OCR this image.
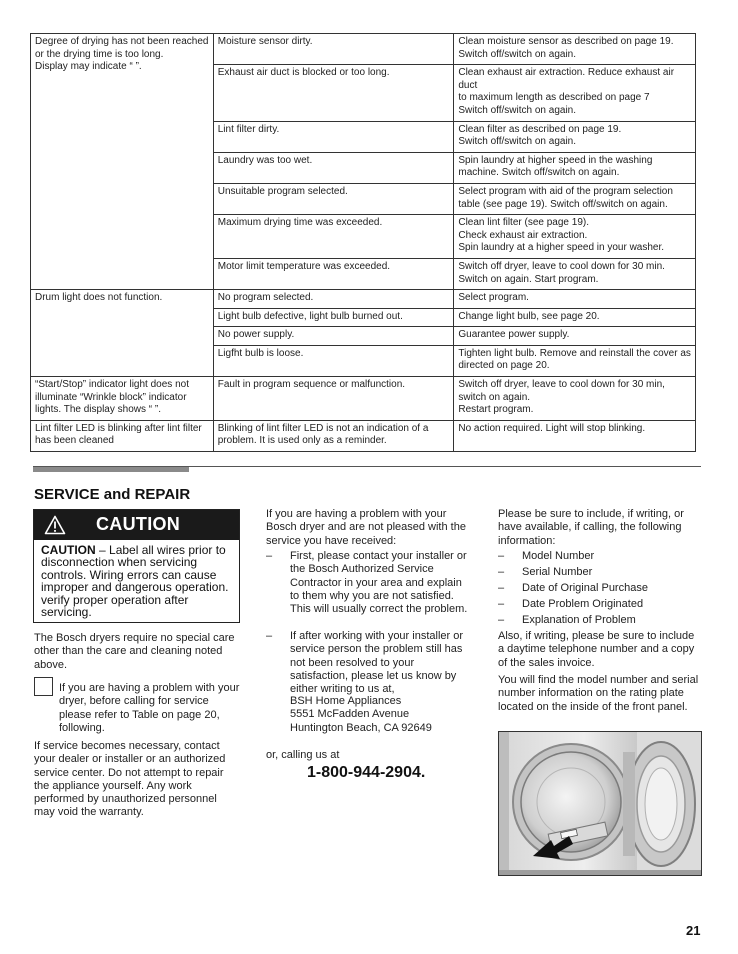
Degree of drying has not been reached
or the drying time is too long.
Display may indicate “ ”.	Moisture sensor dirty.	Clean moisture sensor as described on page 19.
Switch off/switch on again.

	Exhaust air duct is blocked or too long.	Clean exhaust air extraction. Reduce exhaust air duct
to maximum length as described on page 7
Switch off/switch on again.

	Lint filter dirty.	Clean filter as described on page 19.
Switch off/switch on again.

	Laundry was too wet.	Spin laundry at higher speed in the washing
machine. Switch off/switch on again.

	Unsuitable program selected.	Select program with aid of the program selection
table (see page 19). Switch off/switch on again.

	Maximum drying time was exceeded.	Clean lint filter (see page 19).
Check exhaust air extraction.
Spin laundry at a higher speed in your washer.

	Motor limit temperature was exceeded.	Switch off dryer, leave to cool down for 30 min.
Switch on again. Start program.

Drum light does not function.	No program selected.	Select program.

	Light bulb defective, light bulb burned out.	Change light bulb, see page 20.

	No power supply.	Guarantee power supply.

	Ligfht bulb is loose.	Tighten light bulb. Remove and reinstall the cover as
directed on page 20.

“Start/Stop” indicator light does not
illuminate “Wrinkle block” indicator
lights. The display shows “ ”.	Fault in program sequence or malfunction.	Switch off dryer, leave to cool down for 30 min,
switch on again.
Restart program.

Lint filter LED is blinking after lint filter
has been cleaned	Blinking of lint filter LED is not an indication of a
problem. It is used only as a reminder.	No action required. Light will stop blinking.
SERVICE and REPAIR
CAUTION
CAUTION – Label all wires prior to disconnection when servicing controls. Wiring errors can cause improper and dangerous operation. verify proper operation after servicing.
The Bosch dryers require no special care other than the care and cleaning noted above.
If you are having a problem with your dryer, before calling for service please refer to Table on page 20, following.
If service becomes necessary, contact your dealer or installer or an authorized service center. Do not attempt to repair the appliance yourself. Any work performed by unauthorized personnel may void the warranty.
If you are having a problem with your Bosch dryer and are not pleased with the service you have received:
– First, please contact your installer or the Bosch Authorized Service Contractor in your area and explain to them why you are not satisfied. This will usually correct the problem.
– If after working with your installer or service person the problem still has not been resolved to your satisfaction, please let us know by either writing to us at,
BSH Home Appliances
5551 McFadden Avenue
Huntington Beach, CA 92649
or, calling us at
1-800-944-2904.
Please be sure to include, if writing, or have available, if calling, the following information:
– Model Number
– Serial Number
– Date of Original Purchase
– Date Problem Originated
– Explanation of Problem
Also, if writing, please be sure to include a daytime telephone number and a copy of the sales invoice.
You will find the model number and serial number information on the rating plate located on the inside of the front panel.
21
